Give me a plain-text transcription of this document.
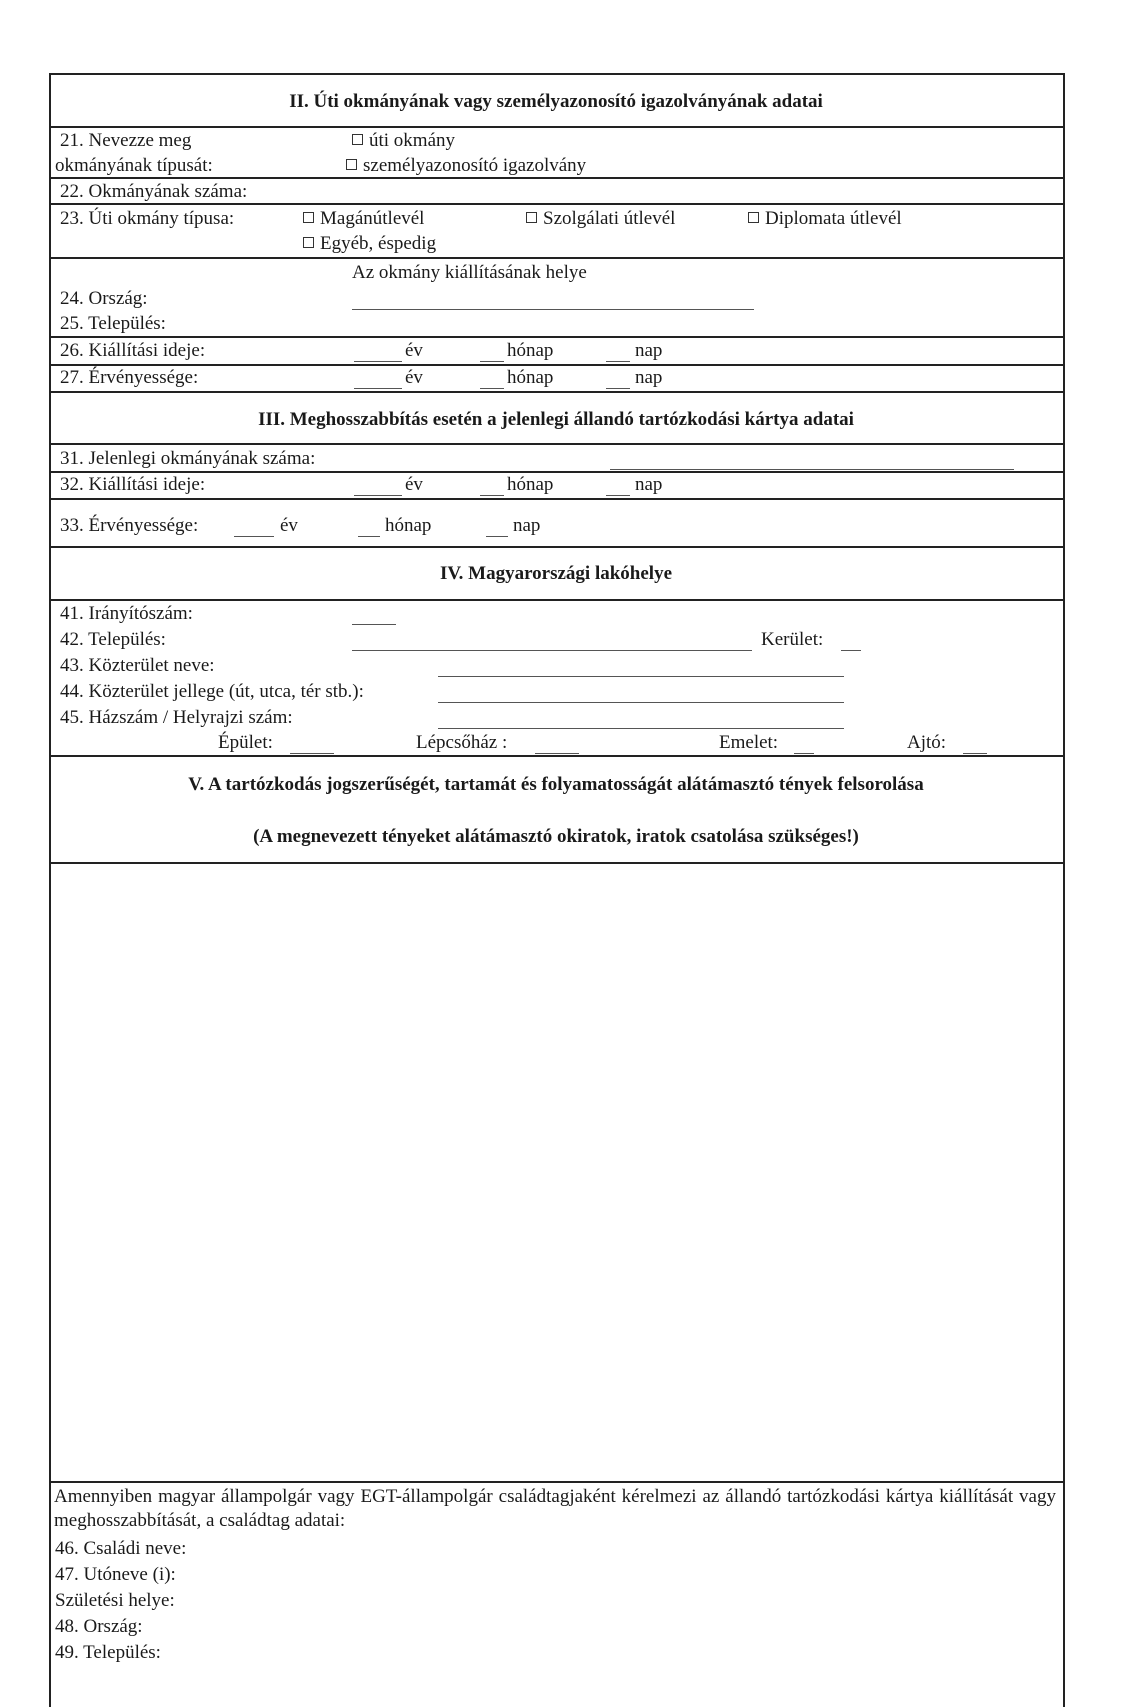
II. Úti okmányának vagy személyazonosító igazolványának adatai
21. Nevezze meg
okmányának típusát:
úti okmány
személyazonosító igazolvány
22. Okmányának száma:
23. Úti okmány típusa:	Magánútlevél	Szolgálati útlevél	Diplomata útlevél
Egyéb, éspedig
Az okmány kiállításának helye
24. Ország:
25. Település:
26. Kiállítási ideje:	év	hónap	nap
27. Érvényessége:	év	hónap	nap
III. Meghosszabbítás esetén a jelenlegi állandó tartózkodási kártya adatai
31. Jelenlegi okmányának száma:
32. Kiállítási ideje:	év	hónap	nap
33. Érvényessége:	év	hónap	nap
IV. Magyarországi lakóhelye
41. Irányítószám:
42. Település:	Kerület:
43. Közterület neve:
44. Közterület jellege (út, utca, tér stb.):
45. Házszám / Helyrajzi szám:
Épület:	Lépcsőház :	Emelet:	Ajtó:
V. A tartózkodás jogszerűségét, tartamát és folyamatosságát alátámasztó tények felsorolása
(A megnevezett tényeket alátámasztó okiratok, iratok csatolása szükséges!)
Amennyiben magyar állampolgár vagy EGT-állampolgár családtagjaként kérelmezi az állandó tartózkodási kártya kiállítását vagy meghosszabbítását, a családtag adatai:
46. Családi neve:
47. Utóneve (i):
Születési helye:
48. Ország:
49. Település:
